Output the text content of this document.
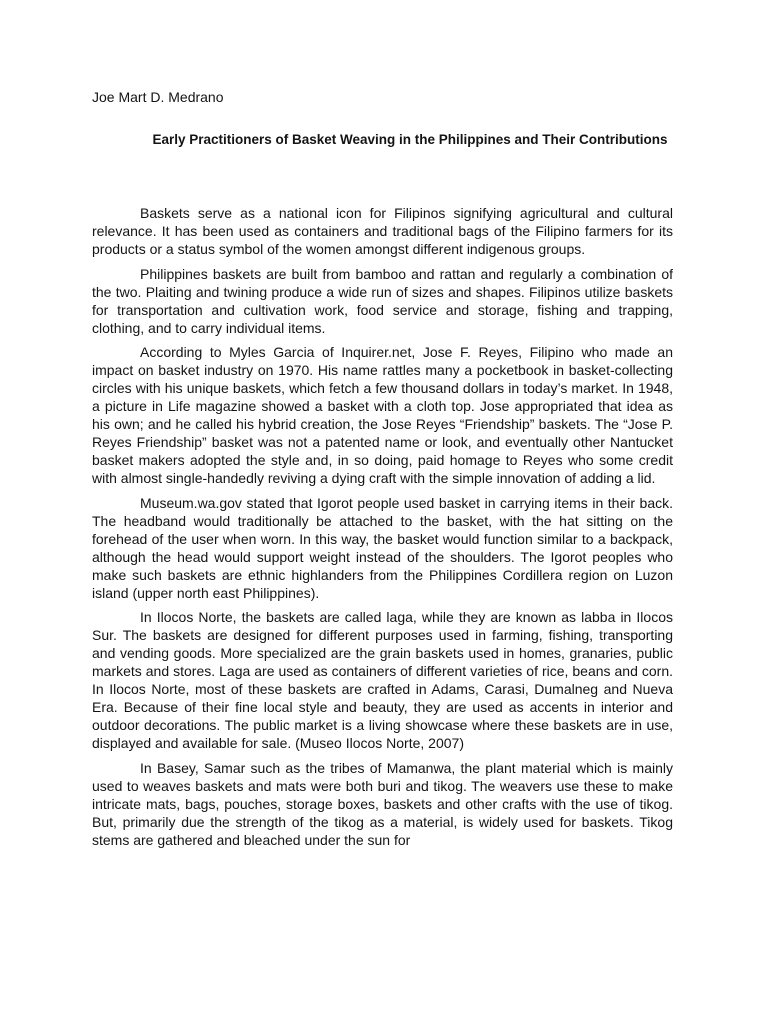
Joe Mart D. Medrano
Early Practitioners of Basket Weaving in the Philippines and Their Contributions

Baskets serve as a national icon for Filipinos signifying agricultural and cultural relevance. It has been used as containers and traditional bags of the Filipino farmers for its products or a status symbol of the women amongst different indigenous groups.

Philippines baskets are built from bamboo and rattan and regularly a combination of the two. Plaiting and twining produce a wide run of sizes and shapes. Filipinos utilize baskets for transportation and cultivation work, food service and storage, fishing and trapping, clothing, and to carry individual items.

According to Myles Garcia of Inquirer.net, Jose F. Reyes, Filipino who made an impact on basket industry on 1970. His name rattles many a pocketbook in basket-collecting circles with his unique baskets, which fetch a few thousand dollars in today’s market. In 1948, a picture in Life magazine showed a basket with a cloth top. Jose appropriated that idea as his own; and he called his hybrid creation, the Jose Reyes “Friendship” baskets. The “Jose P. Reyes Friendship” basket was not a patented name or look, and eventually other Nantucket basket makers adopted the style and, in so doing, paid homage to Reyes who some credit with almost single-handedly reviving a dying craft with the simple innovation of adding a lid.

Museum.wa.gov stated that Igorot people used basket in carrying items in their back. The headband would traditionally be attached to the basket, with the hat sitting on the forehead of the user when worn. In this way, the basket would function similar to a backpack, although the head would support weight instead of the shoulders. The Igorot peoples who make such baskets are ethnic highlanders from the Philippines Cordillera region on Luzon island (upper north east Philippines).

In Ilocos Norte, the baskets are called laga, while they are known as labba in Ilocos Sur. The baskets are designed for different purposes used in farming, fishing, transporting and vending goods. More specialized are the grain baskets used in homes, granaries, public markets and stores. Laga are used as containers of different varieties of rice, beans and corn. In Ilocos Norte, most of these baskets are crafted in Adams, Carasi, Dumalneg and Nueva Era. Because of their fine local style and beauty, they are used as accents in interior and outdoor decorations. The public market is a living showcase where these baskets are in use, displayed and available for sale. (Museo Ilocos Norte, 2007)

In Basey, Samar such as the tribes of Mamanwa, the plant material which is mainly used to weaves baskets and mats were both buri and tikog. The weavers use these to make intricate mats, bags, pouches, storage boxes, baskets and other crafts with the use of tikog. But, primarily due the strength of the tikog as a material, is widely used for baskets. Tikog stems are gathered and bleached under the sun for
